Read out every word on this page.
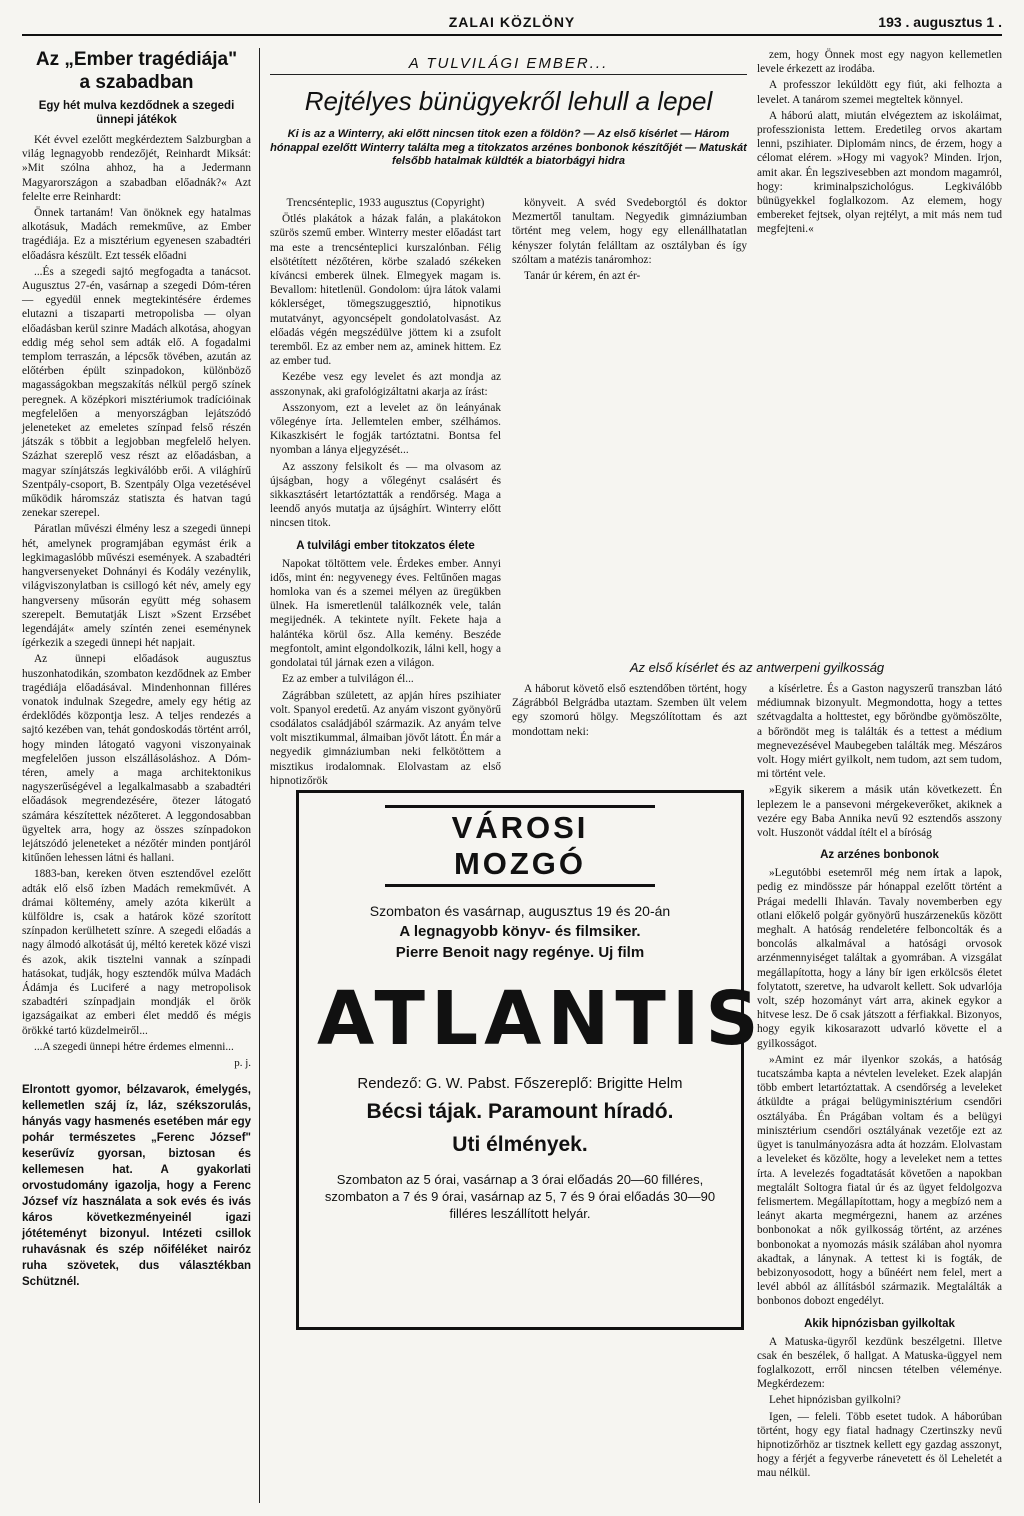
ZALAI KÖZLÖNY	193 . augusztus 1 .
Az „Ember tragédiája"
a szabadban
Egy hét mulva kezdődnek a szegedi ünnepi játékok

Két évvel ezelőtt megkérdeztem Salzburgban a világ legnagyobb rendezőjét, Reinhardt Miksát: »Mit szólna ahhoz, ha a Jedermann Magyarországon a szabadban előadnák?« Azt felelte erre Reinhardt:

Önnek tartanám! Van önöknek egy hatalmas alkotásuk, Madách remekműve, az Ember tragédiája. Ez a misztérium egyenesen szabadtéri előadásra készült. Ezt tessék előadni

...És a szegedi sajtó megfogadta a tanácsot. Augusztus 27-én, vasárnap a szegedi Dóm-téren — egyedül ennek megtekintésére érdemes elutazni a tiszaparti metropolisba — olyan előadásban kerül szinre Madách alkotása, ahogyan eddig még sehol sem adták elő. A fogadalmi templom terraszán, a lépcsők tövében, azután az előtérben épült szinpadokon, különböző magasságokban megszakítás nélkül pergő színek peregnek. A középkori misztériumok tradícióinak megfelelően a menyországban lejátszódó jeleneteket az emeletes színpad felső részén játszák s többit a legjobban megfelelő helyen. Százhat szereplő vesz részt az előadásban, a magyar színjátszás legkiválóbb erői. A világhírű Szentpály-csoport, B. Szentpály Olga vezetésével működik háromszáz statiszta és hatvan tagú zenekar szerepel.

Páratlan művészi élmény lesz a szegedi ünnepi hét, amelynek programjában egymást érik a legkimagaslóbb művészi események. A szabadtéri hangversenyeket Dohnányi és Kodály vezénylik, világviszonylatban is csillogó két név, amely egy hangverseny műsorán együtt még sohasem szerepelt. Bemutatják Liszt »Szent Erzsébet legendáját« amely színtén zenei eseménynek ígérkezik a szegedi ünnepi hét napjait.

Az ünnepi előadások augusztus huszonhatodikán, szombaton kezdődnek az Ember tragédiája előadásával. Mindenhonnan filléres vonatok indulnak Szegedre, amely egy hétig az érdeklődés központja lesz. A teljes rendezés a sajtó kezében van, tehát gondoskodás történt arról, hogy minden látogató vagyoni viszonyainak megfelelően jusson elszállásoláshoz. A Dóm-téren, amely a maga architektonikus nagyszerűségével a legalkalmasabb a szabadtéri előadások megrendezésére, ötezer látogató számára készítettek nézőteret. A leggondosabban ügyeltek arra, hogy az összes színpadokon lejátszódó jeleneteket a nézőtér minden pontjáról kitűnően lehessen látni és hallani.

1883-ban, kereken ötven esztendővel ezelőtt adták elő első ízben Madách remekművét. A drámai költemény, amely azóta kikerült a külföldre is, csak a határok közé szorított színpadon kerülhetett színre. A szegedi előadás a nagy álmodó alkotását új, méltó keretek közé viszi és azok, akik tisztelni vannak a színpadi hatásokat, tudják, hogy esztendők múlva Madách Ádámja és Luciferé a nagy metropolisok szabadtéri színpadjain mondják el örök igazságaikat az emberi élet meddő és mégis örökké tartó küzdelmeiről...

...A szegedi ünnepi hétre érdemes elmenni...

p. j.
Elrontott gyomor, bélzavarok, émelygés, kellemetlen száj íz, láz, székszorulás, hányás vagy hasmenés esetében már egy pohár természetes „Ferenc József" keserűvíz gyorsan, biztosan és kellemesen hat. A gyakorlati orvostudomány igazolja, hogy a Ferenc József víz használata a sok evés és ivás káros következményeinél igazi jótéteményt bizonyul. Intézeti csillok ruhavásnak és szép nőiféléket nairóz ruha szövetek, dus választékban Schütznél.
A TULVILÁGI EMBER...
Rejtélyes bünügyekről lehull a lepel
Ki is az a Winterry, aki előtt nincsen titok ezen a földön? — Az első kísérlet — Három hónappal ezelőtt Winterry találta meg a titokzatos arzénes bonbonok készítőjét — Matuskát felsőbb hatalmak küldték a biatorbágyi hidra

Trencsénteplic, 1933 augusztus (Copyright)

Ötlés plakátok a házak falán, a plakátokon szürös szemű ember. Winterry mester előadást tart ma este a trencsénteplici kurszalónban. Félig elsötétített nézőtéren, körbe szaladó székeken kíváncsi emberek ülnek. Elmegyek magam is. Bevallom: hitetlenül. Gondolom: újra látok valami kóklerséget, tömegszuggesztió, hipnotikus mutatványt, agyoncsépelt gondolatolvasást. Az előadás végén megszédülve jöttem ki a zsufolt teremből. Ez az ember nem az, aminek hittem. Ez az ember tud.

Kezébe vesz egy levelet és azt mondja az asszonynak, aki grafológizáltatni akarja az írást:

Asszonyom, ezt a levelet az ön leányának vőlegénye írta. Jellemtelen ember, szélhámos. Kikaszkisért le fogják tartóztatni. Bontsa fel nyomban a lánya eljegyzését...

Az asszony felsikolt és — ma olvasom az újságban, hogy a vőlegényt csalásért és sikkasztásért letartóztatták a rendőrség. Maga a leendő anyós mutatja az újsághírt. Winterry előtt nincsen titok.

A tulvilági ember titokzatos élete

Napokat töltöttem vele. Érdekes ember. Annyi idős, mint én: negyvenegy éves. Feltűnően magas homloka van és a szemei mélyen az üregükben ülnek. Ha ismeretlenül találkoznék vele, talán megijednék. A tekintete nyílt. Fekete haja a halántéka körül ősz. Alla kemény. Beszéde megfontolt, amint elgondolkozik, lálni kell, hogy a gondolatai túl járnak ezen a világon.

Ez az ember a tulvilágon él...

Zágrábban született, az apján híres pszihiater volt. Spanyol eredetű. Az anyám viszont gyönyörű csodálatos családjából származik. Az anyám telve volt misztikummal, álmaiban jövőt látott. Én már a negyedik gimnáziumban neki felkötöttem a misztikus irodalomnak. Elolvastam az első hipnotizőrök

könyveit. A svéd Svedeborgtól és doktor Mezmertől tanultam. Negyedik gimnáziumban történt meg velem, hogy egy ellenállhatatlan kényszer folytán felálltam az osztályban és így szóltam a matézis tanáromhoz:

Tanár úr kérem, én azt ér-

zem, hogy Önnek most egy nagyon kellemetlen levele érkezett az irodába.

A professzor lekúldött egy fiút, aki felhozta a levelet. A tanárom szemei megteltek könnyel.

A háború alatt, miután elvégeztem az iskoláimat, professzionista lettem. Eredetileg orvos akartam lenni, pszihiater. Diplomám nincs, de érzem, hogy a célomat elérem. »Hogy mi vagyok? Minden. Irjon, amit akar. Én legszivesebben azt mondom magamról, hogy: kriminalpszichológus. Legkiválóbb bünügyekkel foglalkozom. Az elemem, hogy embereket fejtsek, olyan rejtélyt, a mit más nem tud megfejteni.«

Az első kísérlet és az antwerpeni gyilkosság

A háborut követő első esztendőben történt, hogy Zágrábból Belgrádba utaztam. Szemben ült velem egy szomorú hölgy. Megszólítottam és azt mondottam neki:

a kísérletre. És a Gaston nagyszerű transzban látó médiumnak bizonyult. Megmondotta, hogy a tettes szétvagdalta a holttestet, egy bőröndbe gyömöszölte, a bőröndöt meg is találták és a tettest a médium megnevezésével Maubegeben találták meg. Mészáros volt. Hogy miért gyilkolt, nem tudom, azt sem tudom, mi történt vele.

»Egyik sikerem a másik után következett. Én leplezem le a pansevoni mérgekeverőket, akiknek a vezére egy Baba Annika nevű 92 esztendős asszony volt. Huszonöt váddal ítélt el a bíróság

Az arzénes bonbonok

»Legutóbbi esetemről még nem írtak a lapok, pedig ez mindössze pár hónappal ezelőtt történt a Prágai medelli Ihlaván. Tavaly novemberben egy otlani előkelő polgár gyönyörű huszárzenekűs között meghalt. A hatóság rendeletére felboncolták és a boncolás alkalmával a hatósági orvosok arzénmennyiséget találtak a gyomrában. A vizsgálat megállapította, hogy a lány bír igen erkölcsös életet folytatott, szeretve, ha udvarolt kellett. Sok udvarlója volt, szép hozományt várt arra, akinek egykor a hitvese lesz. De ő csak játszott a férfiakkal. Bizonyos, hogy egyik kikosarazott udvarló követte el a gyilkosságot.

»Amint ez már ilyenkor szokás, a hatóság tucatszámba kapta a névtelen leveleket. Ezek alapján több embert letartóztattak. A csendőrség a leveleket átküldte a prágai belügyminisztérium csendőri osztályába. Én Prágában voltam és a belügyi minisztérium csendőri osztályának vezetője ezt az ügyet is tanulmányozásra adta át hozzám. Elolvastam a leveleket és közölte, hogy a leveleket nem a tettes írta. A levelezés fogadtatását követően a napokban megtalált Soltogra fiatal úr és az ügyet feldolgozva felismertem. Megállapítottam, hogy a megbízó nem a leányt akarta megmérgezni, hanem az arzénes bonbonokat a nők gyilkosság történt, az arzénes bonbonokat a nyomozás másik szálában ahol nyomra akadtak, a lánynak. A tettest ki is fogták, de bebizonyosodott, hogy a bűnéért nem felel, mert a levél abból az állításból származik. Megtalálták a bonbonos dobozt engedélyt.

Akik hipnózisban gyilkoltak

A Matuska-ügyről kezdünk beszélgetni. Illetve csak én beszélek, ő hallgat. A Matuska-üggyel nem foglalkozott, erről nincsen tételben véleménye. Megkérdezem:

Lehet hipnózisban gyilkolni?

Igen, — feleli. Több esetet tudok. A háborúban történt, hogy egy fiatal hadnagy Czertinszky nevű hipnotizőrhöz ar tisztnek kellett egy gazdag asszonyt, hogy a férjét a fegyverbe ránevetett és öl Leheletét a mau nélkül.

VÁROSI MOZGÓ
Szombaton és vasárnap, augusztus 19 és 20-án
A legnagyobb könyv- és filmsiker.
Pierre Benoit nagy regénye. Uj film
ATLANTIS
Rendező: G. W. Pabst. Főszereplő: Brigitte Helm
Bécsi tájak. Paramount híradó.
Uti élmények.
Szombaton az 5 órai, vasárnap a 3 órai előadás 20—60 filléres, szombaton a 7 és 9 órai, vasárnap az 5, 7 és 9 órai előadás 30—90 filléres leszállított helyár.
